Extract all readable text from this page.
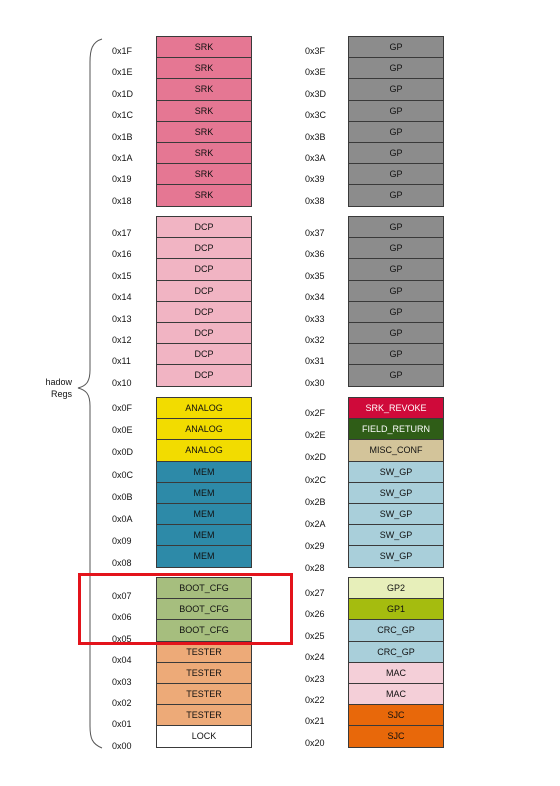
hadow
Regs
SRK
0x1F
SRK
0x1E
SRK
0x1D
SRK
0x1C
SRK
0x1B
SRK
0x1A
SRK
0x19
SRK
0x18
DCP
0x17
DCP
0x16
DCP
0x15
DCP
0x14
DCP
0x13
DCP
0x12
DCP
0x11
DCP
0x10
ANALOG
0x0F
ANALOG
0x0E
ANALOG
0x0D
MEM
0x0C
MEM
0x0B
MEM
0x0A
MEM
0x09
MEM
0x08
BOOT_CFG
0x07
BOOT_CFG
0x06
BOOT_CFG
0x05
TESTER
0x04
TESTER
0x03
TESTER
0x02
TESTER
0x01
LOCK
0x00
GP
0x3F
GP
0x3E
GP
0x3D
GP
0x3C
GP
0x3B
GP
0x3A
GP
0x39
GP
0x38
GP
0x37
GP
0x36
GP
0x35
GP
0x34
GP
0x33
GP
0x32
GP
0x31
GP
0x30
SRK_REVOKE
0x2F
FIELD_RETURN
0x2E
MISC_CONF
0x2D
SW_GP
0x2C
SW_GP
0x2B
SW_GP
0x2A
SW_GP
0x29
SW_GP
0x28
GP2
0x27
GP1
0x26
CRC_GP
0x25
CRC_GP
0x24
MAC
0x23
MAC
0x22
SJC
0x21
SJC
0x20
